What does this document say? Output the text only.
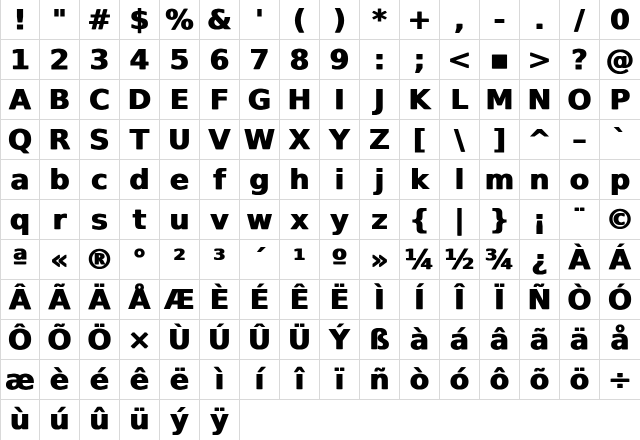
! " # $ % & '	( ) * + ,	-	.	/ 0
1 2 3 4 5 6 7 8 9 :	; < ▪ > ? @
A B C D E F G H I	J K L M N O P
Q R S T U V W X Y Z [	\	] ^ – `
a b c d e f g h i	j k l m n o p
q r s t u v w x y z { | } ¡ ¨ ©
ª « ® ° ² ³ ´ ¹ º » ¼ ½ ¾ ¿ À Á
Â Ã Ä Å Æ È É Ê Ë Ì	Í	Î	Ï Ñ Ò Ó
Ô Õ Ö × Ù Ú Û Ü Ý ß à á â ã ä å
æ è é ê ë ì	í	î	ï ñ ò ó ô õ ö ÷
ù ú û ü ý ÿ
